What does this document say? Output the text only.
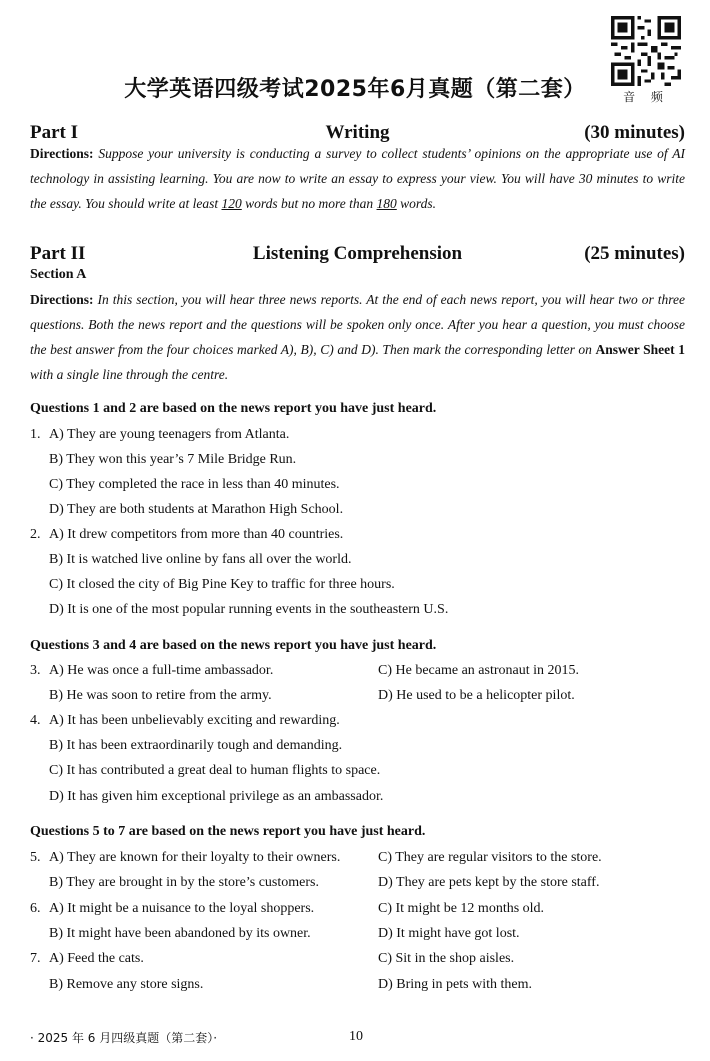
大学英语四级考试2025年6月真题（第二套）	音 频
Writing
Part I	(30 minutes)
Directions: Suppose your university is conducting a survey to collect students’ opinions on the appropriate use of AI technology in assisting learning. You are now to write an essay to express your view. You will have 30 minutes to write the essay. You should write at least 120 words but no more than 180 words.
Listening Comprehension
Part II	(25 minutes)
Section A
Directions: In this section, you will hear three news reports. At the end of each news report, you will hear two or three questions. Both the news report and the questions will be spoken only once. After you hear a question, you must choose the best answer from the four choices marked A), B), C) and D). Then mark the corresponding letter on Answer Sheet 1 with a single line through the centre.
Questions 1 and 2 are based on the news report you have just heard.
1. A) They are young teenagers from Atlanta.
B) They won this year’s 7 Mile Bridge Run.
C) They completed the race in less than 40 minutes.
D) They are both students at Marathon High School.
2. A) It drew competitors from more than 40 countries.
B) It is watched live online by fans all over the world.
C) It closed the city of Big Pine Key to traffic for three hours.
D) It is one of the most popular running events in the southeastern U.S.
Questions 3 and 4 are based on the news report you have just heard.
3. A) He was once a full-time ambassador.
B) He was soon to retire from the army.
C) He became an astronaut in 2015.
D) He used to be a helicopter pilot.
4. A) It has been unbelievably exciting and rewarding.
B) It has been extraordinarily tough and demanding.
C) It has contributed a great deal to human flights to space.
D) It has given him exceptional privilege as an ambassador.
Questions 5 to 7 are based on the news report you have just heard.
5. A) They are known for their loyalty to their owners.
B) They are brought in by the store’s customers.
C) They are regular visitors to the store.
D) They are pets kept by the store staff.
6. A) It might be a nuisance to the loyal shoppers.
B) It might have been abandoned by its owner.
C) It might be 12 months old.
D) It might have got lost.
7. A) Feed the cats.
B) Remove any store signs.
C) Sit in the shop aisles.
D) Bring in pets with them.
· 2025 年 6 月四级真题（第二套）·	10
